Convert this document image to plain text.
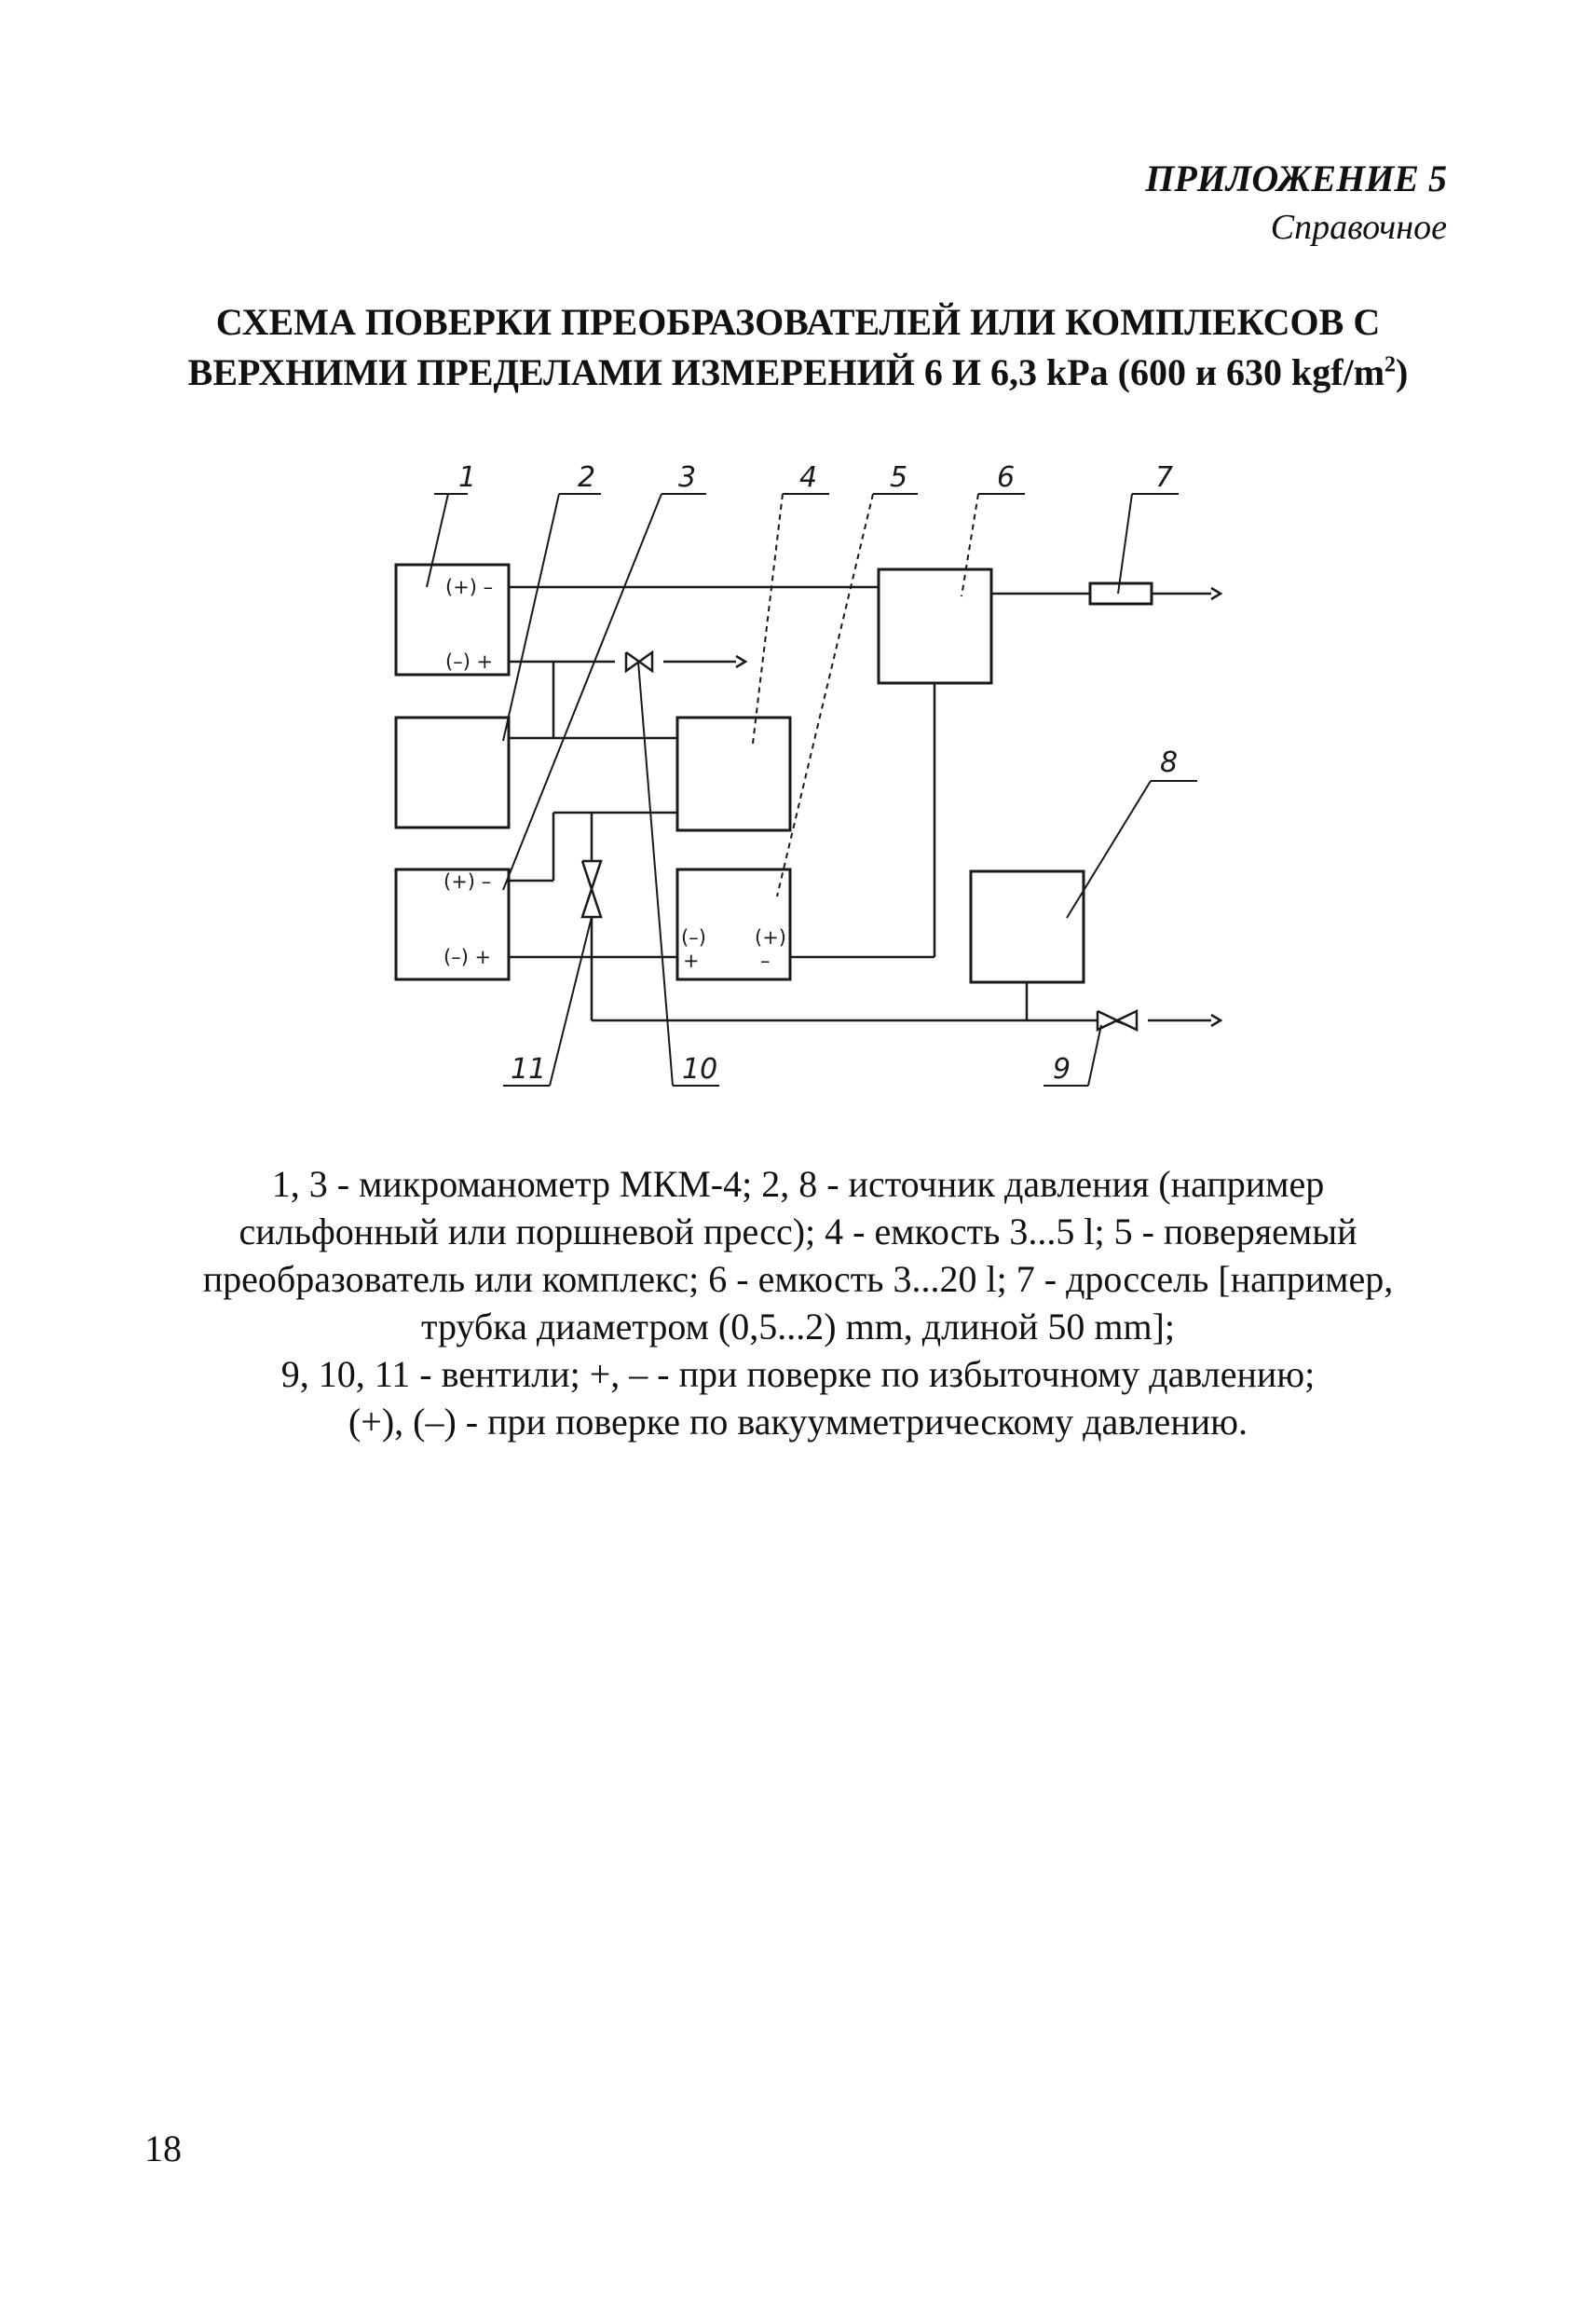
ПРИЛОЖЕНИЕ 5
Справочное
СХЕМА ПОВЕРКИ ПРЕОБРАЗОВАТЕЛЕЙ ИЛИ КОМПЛЕКСОВ С
ВЕРХНИМИ ПРЕДЕЛАМИ ИЗМЕРЕНИЙ 6 И 6,3 kPa (600 и 630 kgf/$m^2$)
1	2	3	4	5	6	7
8
9
10
11
(+) –
(–) +
(+) –
(–) +
(–)
+
(+)
–
1, 3 - микроманометр МКМ-4; 2, 8 - источник давления (например
сильфонный или поршневой пресс); 4 - емкость 3...5 l; 5 - поверяемый
преобразователь или комплекс; 6 - емкость 3...20 l; 7 - дроссель [например,
трубка диаметром (0,5...2) mm, длиной 50 mm];
9, 10, 11 - вентили; +, – - при поверке по избыточному давлению;
(+), (–) - при поверке по вакуумметрическому давлению.
18
